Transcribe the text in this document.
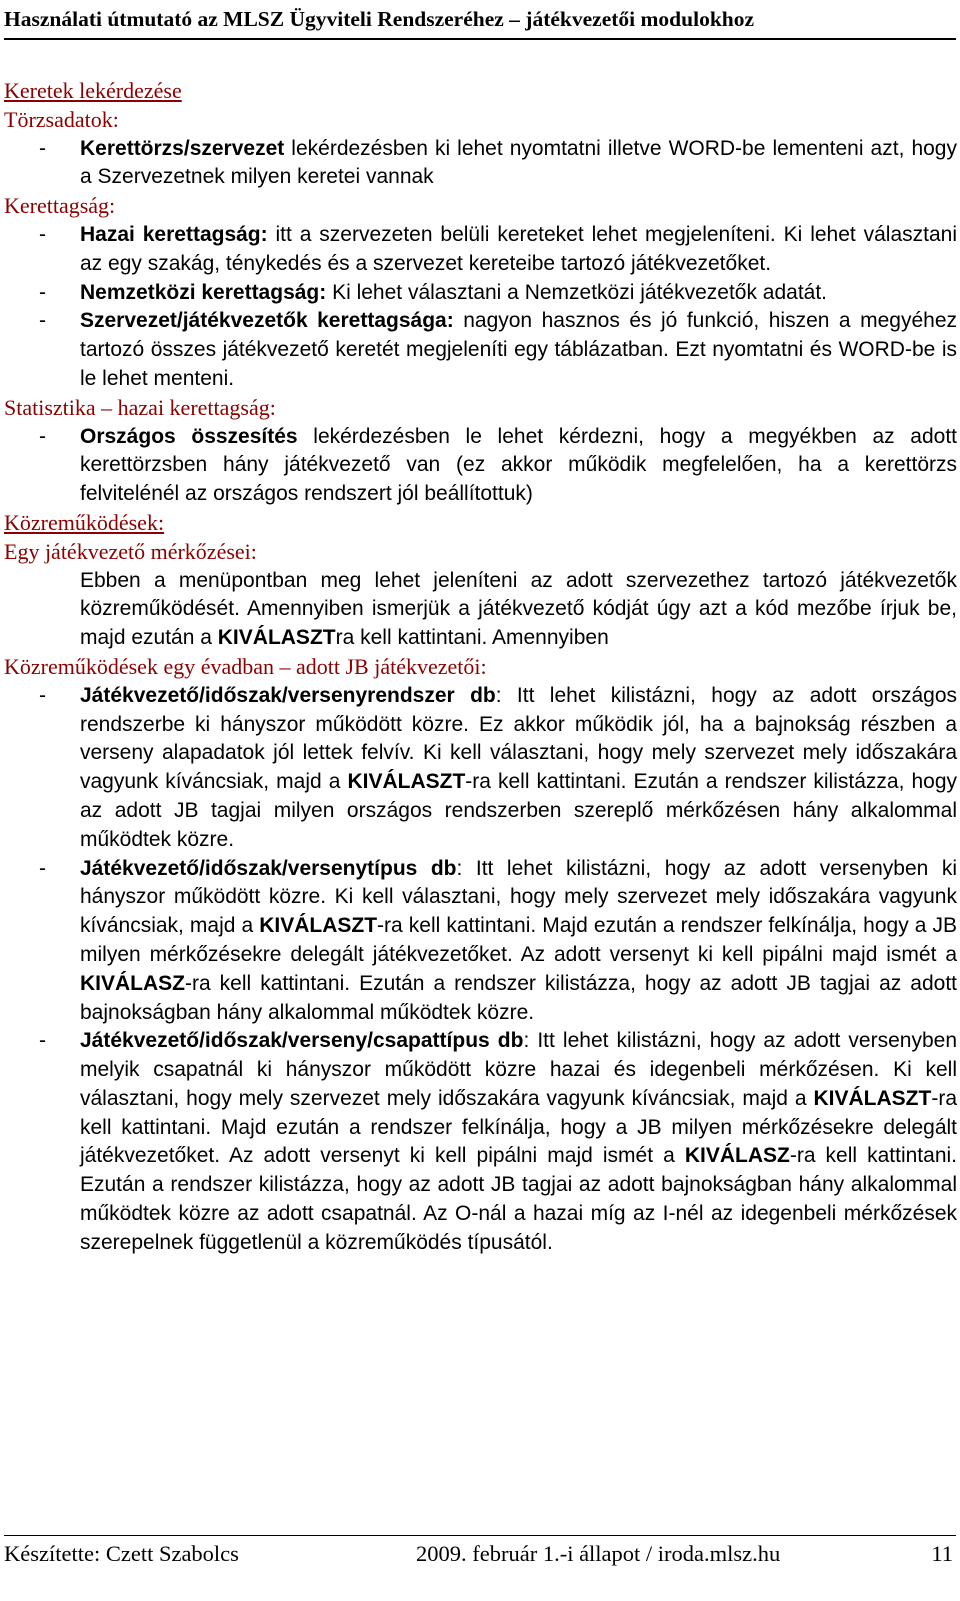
Használati útmutató az MLSZ Ügyviteli Rendszeréhez – játékvezetői modulokhoz
Keretek lekérdezése
Törzsadatok:
- Kerettörzs/szervezet lekérdezésben ki lehet nyomtatni illetve WORD-be lementeni azt, hogy a Szervezetnek milyen keretei vannak

Kerettagság:
- Hazai kerettagság: itt a szervezeten belüli kereteket lehet megjeleníteni. Ki lehet választani az egy szakág, ténykedés és a szervezet kereteibe tartozó játékvezetőket.

- Nemzetközi kerettagság: Ki lehet választani a Nemzetközi játékvezetők adatát.

- Szervezet/játékvezetők kerettagsága: nagyon hasznos és jó funkció, hiszen a megyéhez tartozó összes játékvezető keretét megjeleníti egy táblázatban. Ezt nyomtatni és WORD-be is le lehet menteni.

Statisztika – hazai kerettagság:
- Országos összesítés lekérdezésben le lehet kérdezni, hogy a megyékben az adott kerettörzsben hány játékvezető van (ez akkor működik megfelelően, ha a kerettörzs felvitelénél az országos rendszert jól beállítottuk)

Közreműködések:
Egy játékvezető mérkőzései:

Ebben a menüpontban meg lehet jeleníteni az adott szervezethez tartozó játékvezetők közreműködését. Amennyiben ismerjük a játékvezető kódját úgy azt a kód mezőbe írjuk be, majd ezután a KIVÁLASZTra kell kattintani. Amennyiben

Közreműködések egy évadban – adott JB játékvezetői:
- Játékvezető/időszak/versenyrendszer db: Itt lehet kilistázni, hogy az adott országos rendszerbe ki hányszor működött közre. Ez akkor működik jól, ha a bajnokság részben a verseny alapadatok jól lettek felvív. Ki kell választani, hogy mely szervezet mely időszakára vagyunk kíváncsiak, majd a KIVÁLASZT-ra kell kattintani. Ezután a rendszer kilistázza, hogy az adott JB tagjai milyen országos rendszerben szereplő mérkőzésen hány alkalommal működtek közre.

- Játékvezető/időszak/versenytípus db: Itt lehet kilistázni, hogy az adott versenyben ki hányszor működött közre. Ki kell választani, hogy mely szervezet mely időszakára vagyunk kíváncsiak, majd a KIVÁLASZT-ra kell kattintani. Majd ezután a rendszer felkínálja, hogy a JB milyen mérkőzésekre delegált játékvezetőket. Az adott versenyt ki kell pipálni majd ismét a KIVÁLASZ-ra kell kattintani. Ezután a rendszer kilistázza, hogy az adott JB tagjai az adott bajnokságban hány alkalommal működtek közre.

- Játékvezető/időszak/verseny/csapattípus db: Itt lehet kilistázni, hogy az adott versenyben melyik csapatnál ki hányszor működött közre hazai és idegenbeli mérkőzésen. Ki kell választani, hogy mely szervezet mely időszakára vagyunk kíváncsiak, majd a KIVÁLASZT-ra kell kattintani. Majd ezután a rendszer felkínálja, hogy a JB milyen mérkőzésekre delegált játékvezetőket. Az adott versenyt ki kell pipálni majd ismét a KIVÁLASZ-ra kell kattintani. Ezután a rendszer kilistázza, hogy az adott JB tagjai az adott bajnokságban hány alkalommal működtek közre az adott csapatnál. Az O-nál a hazai míg az I-nél az idegenbeli mérkőzések szerepelnek függetlenül a közreműködés típusától.

Készítette: Czett Szabolcs	2009. február 1.-i állapot / iroda.mlsz.hu	11
